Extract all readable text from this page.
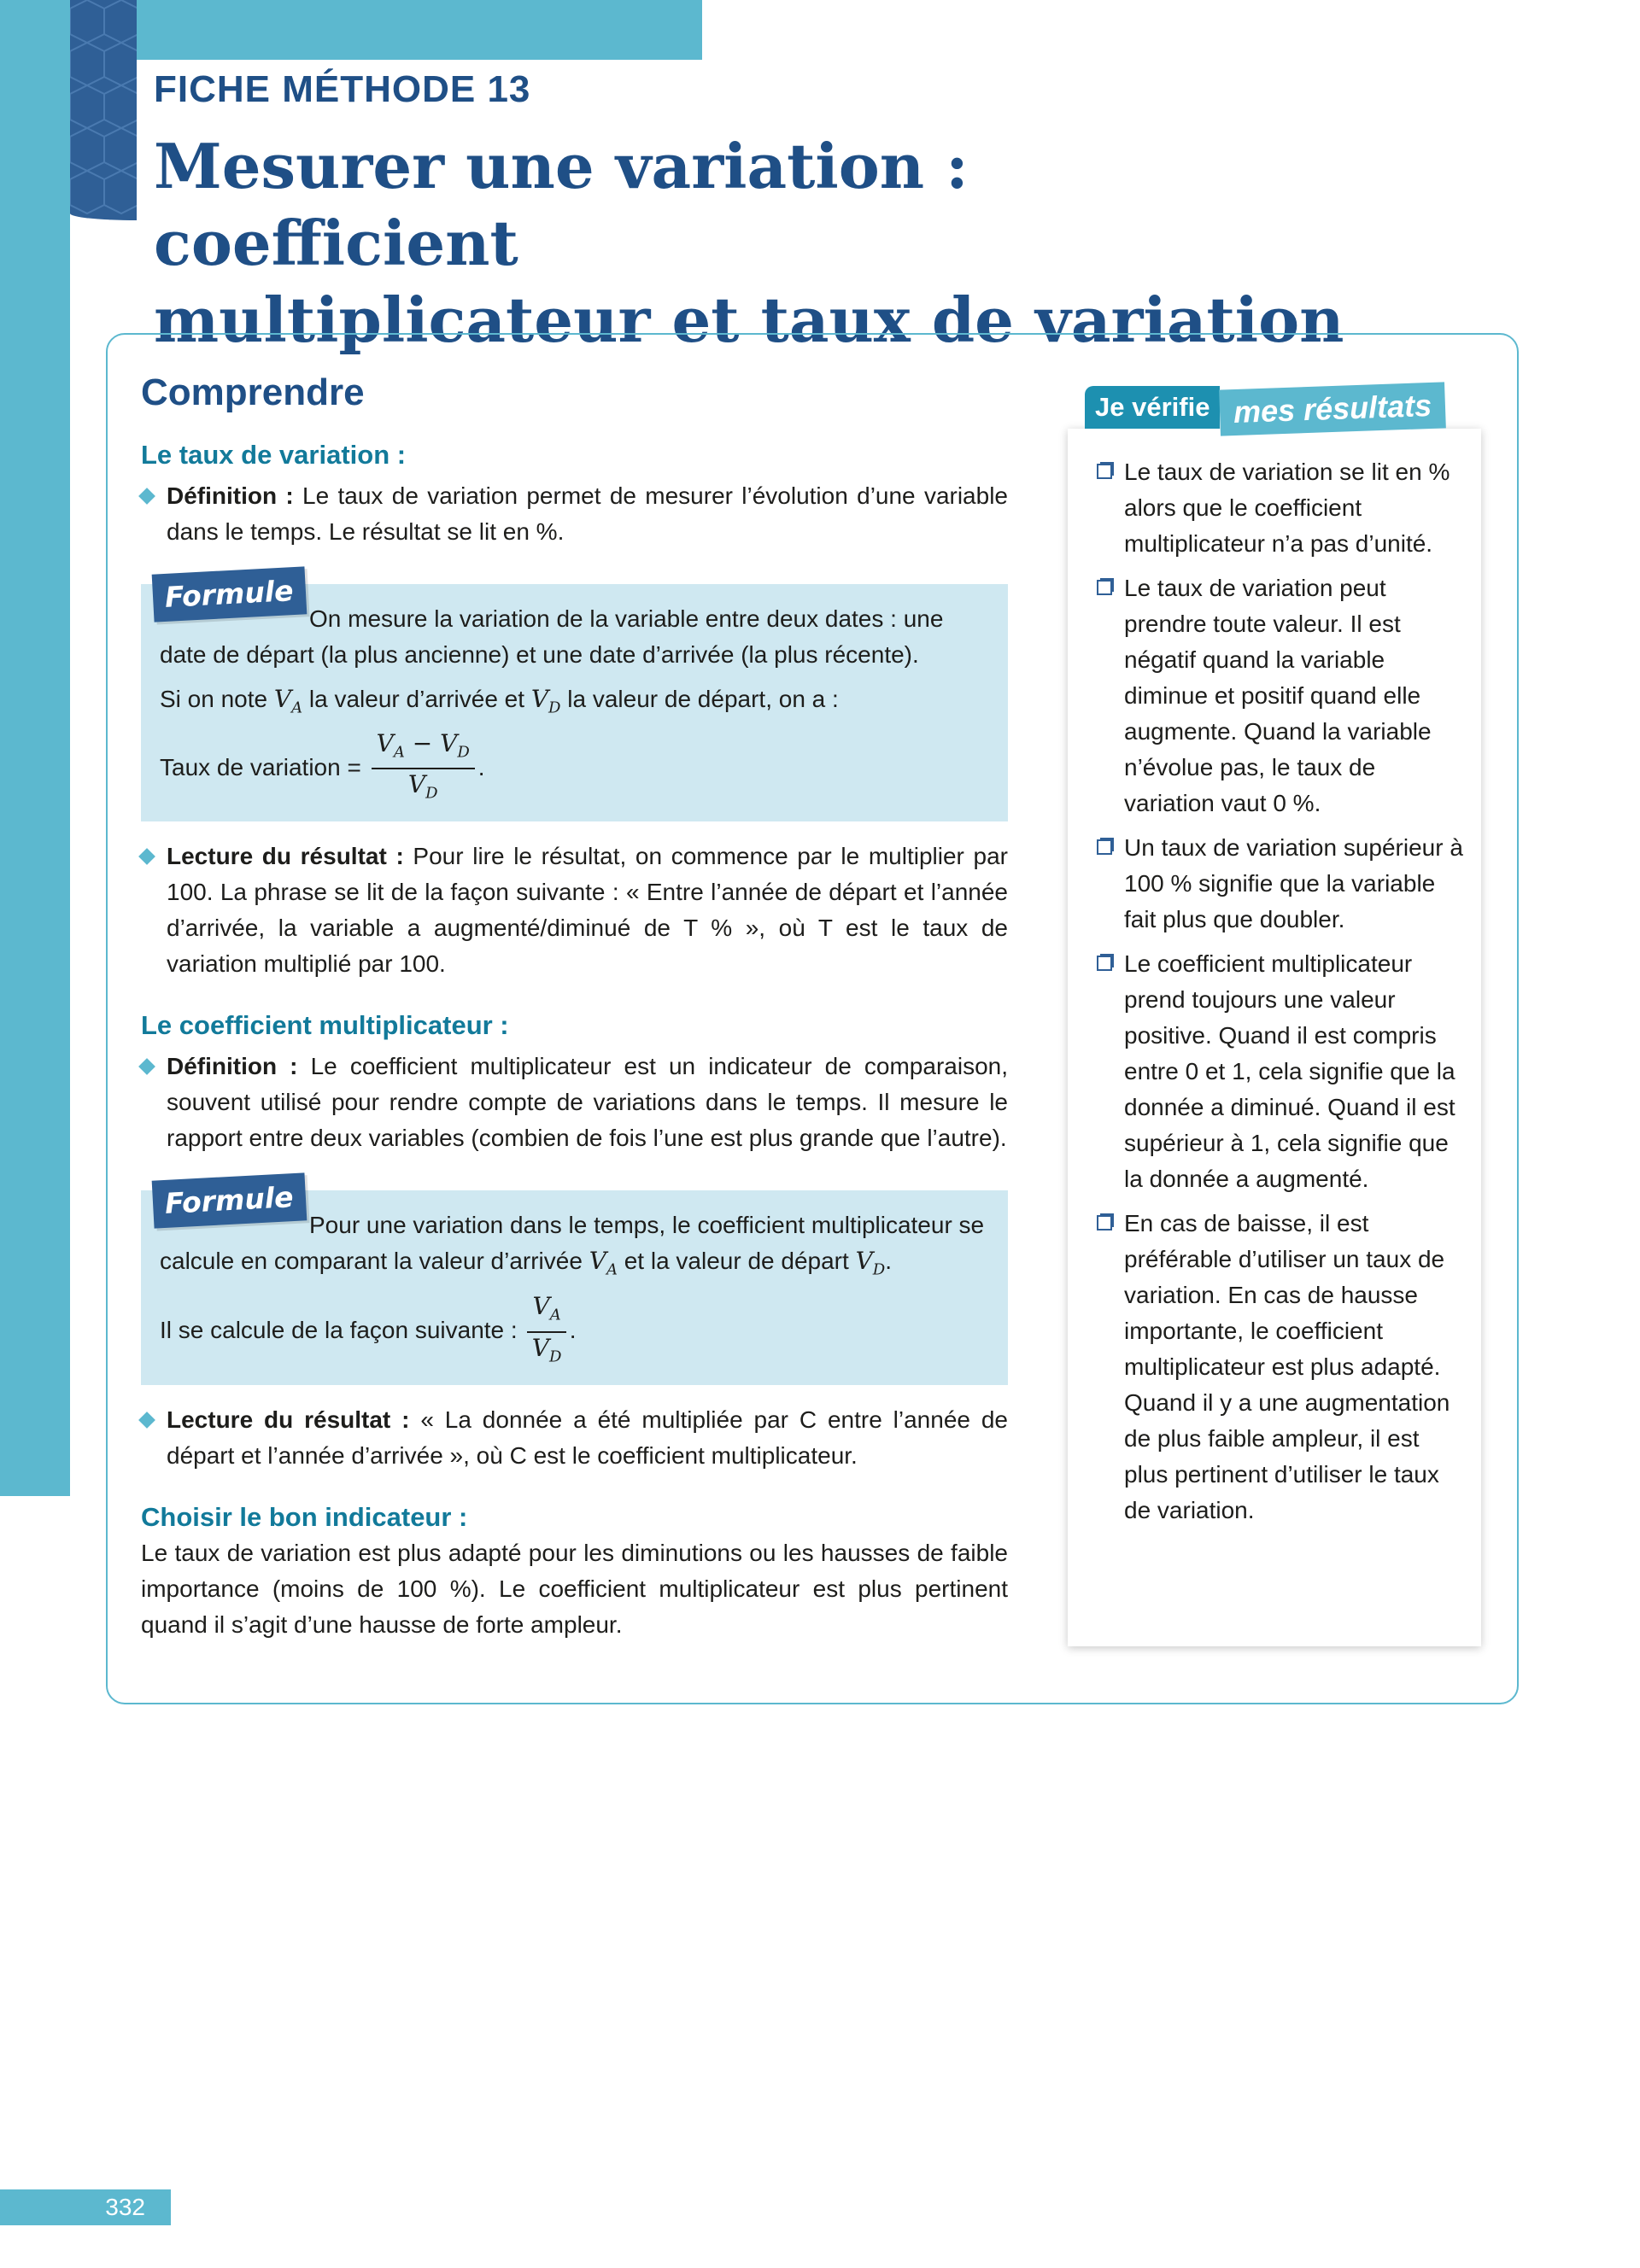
FICHE MÉTHODE 13
Mesurer une variation : coefficient
multiplicateur et taux de variation
Comprendre
Le taux de variation :
Définition : Le taux de variation permet de mesurer l’évolution d’une variable dans le temps. Le résultat se lit en %.
Formule
On mesure la variation de la variable entre deux dates : une date de départ (la plus ancienne) et une date d’arrivée (la plus récente).
Si on note $V_A$ la valeur d’arrivée et $V_D$ la valeur de départ, on a :
Taux de variation = $\frac{V_A - V_D}{V_D}$ .
Lecture du résultat : Pour lire le résultat, on commence par le multiplier par 100. La phrase se lit de la façon suivante : « Entre l’année de départ et l’année d’arrivée, la variable a augmenté/diminué de T % », où T est le taux de variation multiplié par 100.
Le coefficient multiplicateur :
Définition : Le coefficient multiplicateur est un indicateur de comparaison, souvent utilisé pour rendre compte de variations dans le temps. Il mesure le rapport entre deux variables (combien de fois l’une est plus grande que l’autre).
Formule
Pour une variation dans le temps, le coefficient multiplicateur se calcule en comparant la valeur d’arrivée $V_A$ et la valeur de départ $V_D$.
Il se calcule de la façon suivante : $\frac{V_A}{V_D}$ .
Lecture du résultat : « La donnée a été multipliée par C entre l’année de départ et l’année d’arrivée », où C est le coefficient multiplicateur.
Choisir le bon indicateur :
Le taux de variation est plus adapté pour les diminutions ou les hausses de faible importance (moins de 100 %). Le coefficient multiplicateur est plus pertinent quand il s’agit d’une hausse de forte ampleur.
Je vérifie mes résultats
Le taux de variation se lit en % alors que le coefficient multiplicateur n’a pas d’unité.
Le taux de variation peut prendre toute valeur. Il est négatif quand la variable diminue et positif quand elle augmente. Quand la variable n’évolue pas, le taux de variation vaut 0 %.
Un taux de variation supérieur à 100 % signifie que la variable fait plus que doubler.
Le coefficient multiplicateur prend toujours une valeur positive. Quand il est compris entre 0 et 1, cela signifie que la donnée a diminué. Quand il est supérieur à 1, cela signifie que la donnée a augmenté.
En cas de baisse, il est préférable d’utiliser un taux de variation. En cas de hausse importante, le coefficient multiplicateur est plus adapté. Quand il y a une augmentation de plus faible ampleur, il est plus pertinent d’utiliser le taux de variation.
332
